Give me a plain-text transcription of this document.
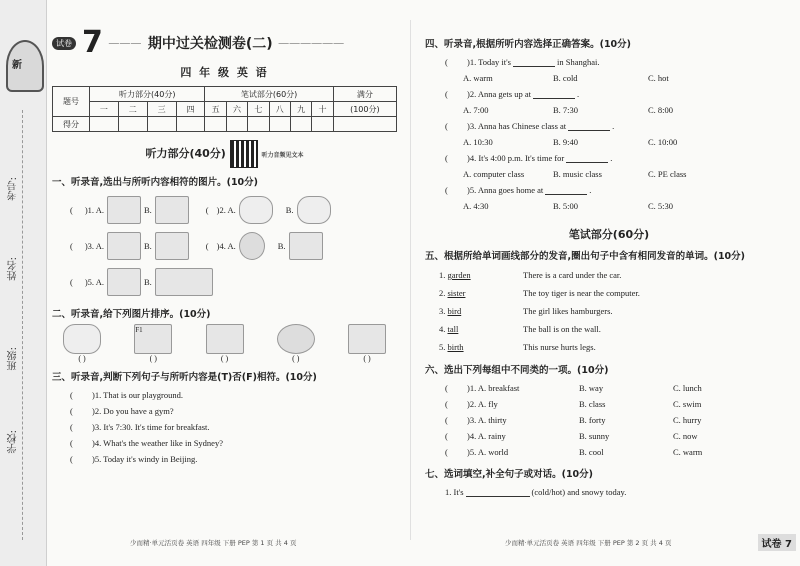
新
考号:
姓名:
班级:
学校:
试卷 7 ——— 期中过关检测卷(二) ——————
四 年 级 英 语
题号	听力部分(40分)				笔试部分(60分)						满分
	一	二	三	四	五	六	七	八	九	十	(100分)
得分											
听力部分(40分)	听力音频见文本
一、听录音,选出与所听内容相符的图片。(10分)
( )1. A.	B.	( )2. A.	B.
( )3. A.	B.	( )4. A.	B.
( )5. A.	B.
二、听录音,给下列图片排序。(10分)
( )
F1
( )	( )	( )	( )
三、听录音,判断下列句子与所听内容是(T)否(F)相符。(10分)
(	)1. That is our playground.
(	)2. Do you have a gym?
(	)3. It's 7:30. It's time for breakfast.
(	)4. What's the weather like in Sydney?
(	)5. Today it's windy in Beijing.
四、听录音,根据所听内容选择正确答案。(10分)
(	)1. Today it's	in Shanghai.
A. warm	B. cold	C. hot
(	)2. Anna gets up at	.
A. 7:00	B. 7:30	C. 8:00
(	)3. Anna has Chinese class at	.
A. 10:30	B. 9:40	C. 10:00
(	)4. It's 4:00 p.m. It's time for	.
A. computer class	B. music class	C. PE class
(	)5. Anna goes home at	.
A. 4:30	B. 5:00	C. 5:30
笔试部分(60分)
五、根据所给单词画线部分的发音,圈出句子中含有相同发音的单词。(10分)
1. garden	There is a card under the car.
2. sister	The toy tiger is near the computer.
3. bird	The girl likes hamburgers.
4. tall	The ball is on the wall.
5. birth	This nurse hurts legs.
六、选出下列每组中不同类的一项。(10分)
(	)1. A. breakfast	B. way	C. lunch
(	)2. A. fly	B. class	C. swim
(	)3. A. thirty	B. forty	C. hurry
(	)4. A. rainy	B. sunny	C. now
(	)5. A. world	B. cool	C. warm
七、选词填空,补全句子或对话。(10分)
1. It's	(cold/hot) and snowy today.
少而精·单元活页卷 英语 四年级 下册 PEP 第 1 页 共 4 页	少而精·单元活页卷 英语 四年级 下册 PEP 第 2 页 共 4 页	试卷 7
